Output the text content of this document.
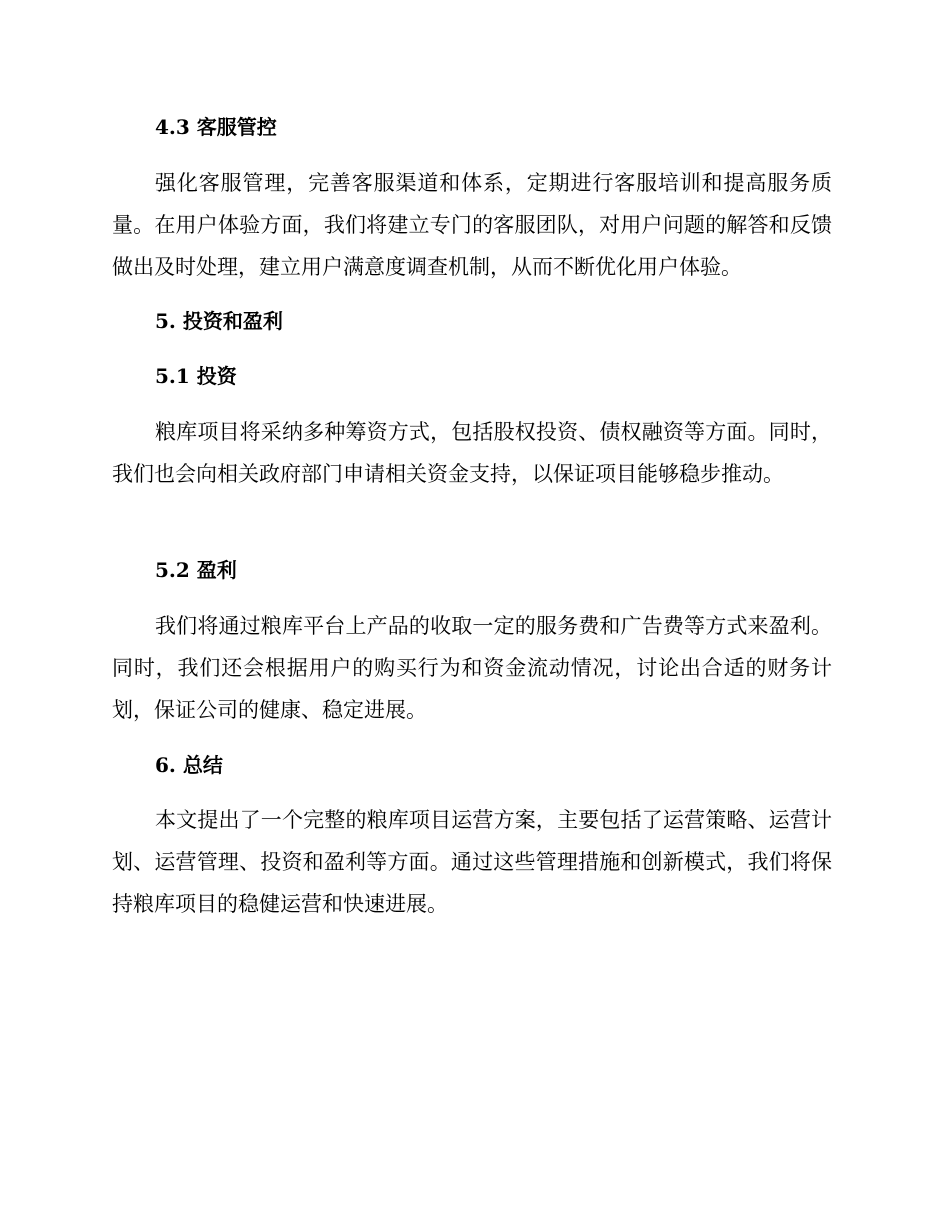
4.3 客服管控
强化客服管理，完善客服渠道和体系，定期进行客服培训和提高服务质量。在用户体验方面，我们将建立专门的客服团队，对用户问题的解答和反馈做出及时处理，建立用户满意度调查机制，从而不断优化用户体验。
5. 投资和盈利
5.1 投资
粮库项目将采纳多种筹资方式，包括股权投资、债权融资等方面。同时，我们也会向相关政府部门申请相关资金支持，以保证项目能够稳步推动。
5.2 盈利
我们将通过粮库平台上产品的收取一定的服务费和广告费等方式来盈利。同时，我们还会根据用户的购买行为和资金流动情况，讨论出合适的财务计划，保证公司的健康、稳定进展。
6. 总结
本文提出了一个完整的粮库项目运营方案，主要包括了运营策略、运营计划、运营管理、投资和盈利等方面。通过这些管理措施和创新模式，我们将保持粮库项目的稳健运营和快速进展。
